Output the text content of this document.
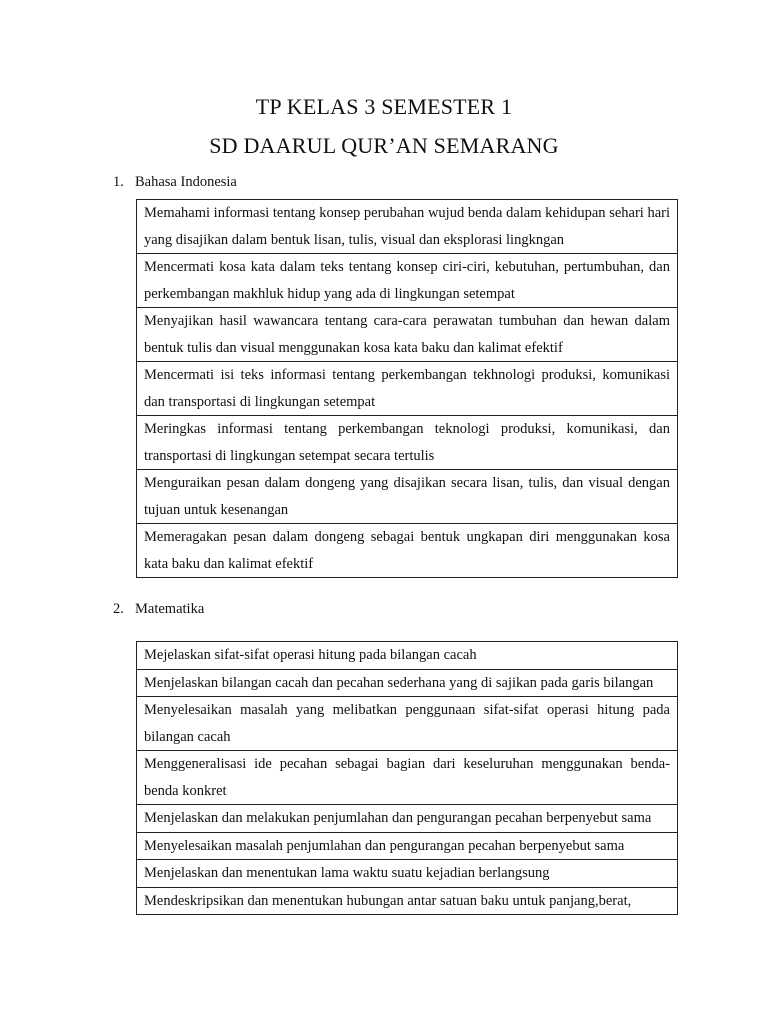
TP KELAS 3 SEMESTER 1
SD DAARUL QUR’AN SEMARANG
1. Bahasa Indonesia
Memahami informasi tentang konsep perubahan wujud benda dalam kehidupan sehari hari yang disajikan dalam bentuk lisan, tulis, visual dan eksplorasi lingkngan
Mencermati kosa kata dalam teks tentang konsep ciri-ciri, kebutuhan, pertumbuhan, dan perkembangan makhluk hidup yang ada di lingkungan setempat
Menyajikan hasil wawancara tentang cara-cara perawatan tumbuhan dan hewan dalam bentuk tulis dan visual menggunakan kosa kata baku dan kalimat efektif
Mencermati isi teks informasi tentang perkembangan tekhnologi produksi, komunikasi dan transportasi di lingkungan setempat
Meringkas informasi tentang perkembangan teknologi produksi, komunikasi, dan transportasi di lingkungan setempat secara tertulis
Menguraikan pesan dalam dongeng yang disajikan secara lisan, tulis, dan visual dengan tujuan untuk kesenangan
Memeragakan pesan dalam dongeng sebagai bentuk ungkapan diri menggunakan kosa kata baku dan kalimat efektif
2. Matematika
Mejelaskan sifat-sifat operasi hitung pada bilangan cacah
Menjelaskan bilangan cacah dan pecahan sederhana yang di sajikan pada garis bilangan
Menyelesaikan masalah yang melibatkan penggunaan sifat-sifat operasi hitung pada bilangan cacah
Menggeneralisasi ide pecahan sebagai bagian dari keseluruhan menggunakan benda-benda konkret
Menjelaskan dan melakukan penjumlahan dan pengurangan pecahan berpenyebut sama
Menyelesaikan masalah penjumlahan dan pengurangan pecahan berpenyebut sama
Menjelaskan dan menentukan lama waktu suatu kejadian berlangsung
Mendeskripsikan dan menentukan hubungan antar satuan baku untuk panjang,berat,
